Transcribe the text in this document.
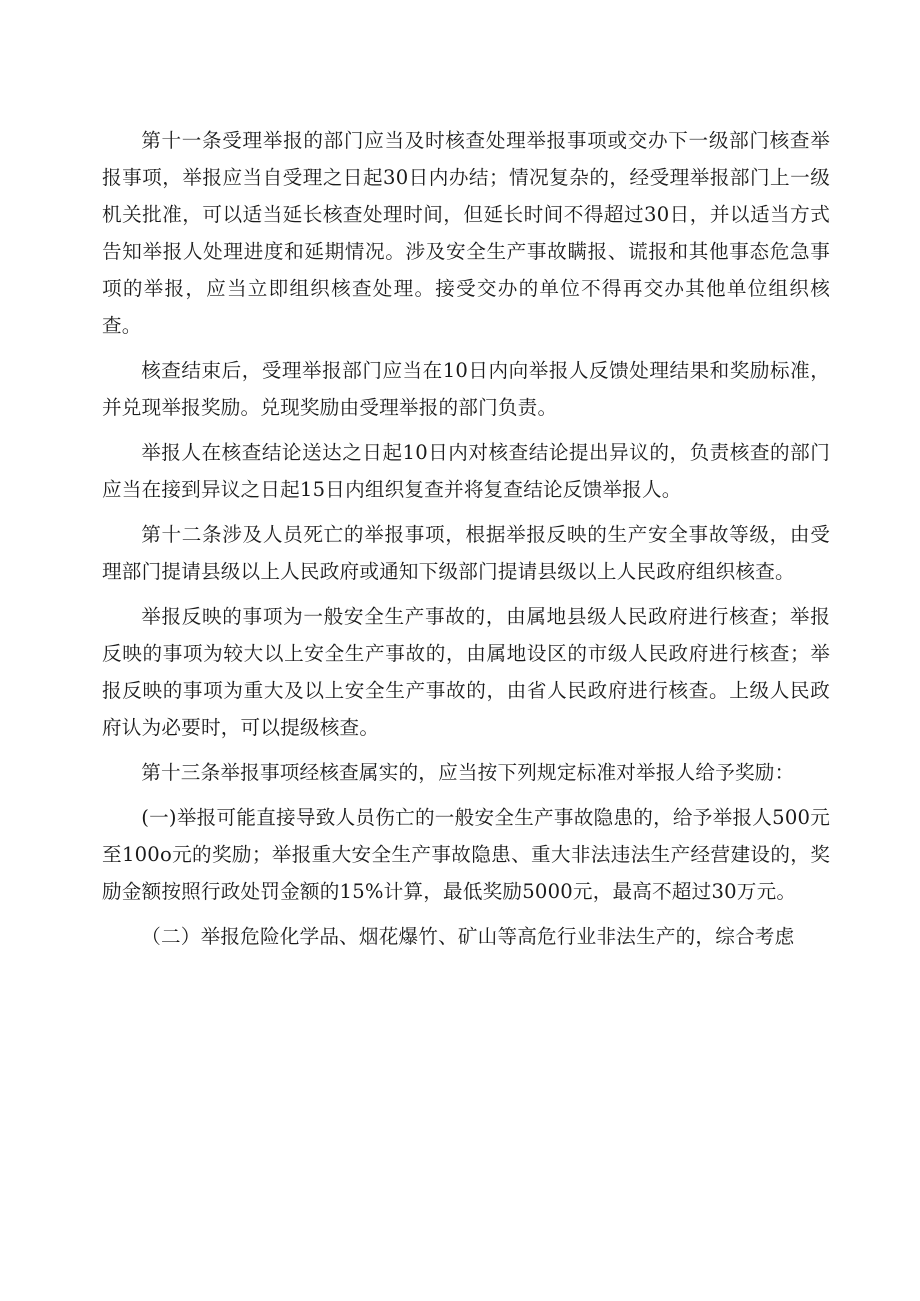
第十一条受理举报的部门应当及时核查处理举报事项或交办下一级部门核查举报事项，举报应当自受理之日起30日内办结；情况复杂的，经受理举报部门上一级机关批准，可以适当延长核查处理时间，但延长时间不得超过30日，并以适当方式告知举报人处理进度和延期情况。涉及安全生产事故瞒报、谎报和其他事态危急事项的举报，应当立即组织核查处理。接受交办的单位不得再交办其他单位组织核查。

核查结束后，受理举报部门应当在10日内向举报人反馈处理结果和奖励标准，并兑现举报奖励。兑现奖励由受理举报的部门负责。

举报人在核查结论送达之日起10日内对核查结论提出异议的，负责核查的部门应当在接到异议之日起15日内组织复查并将复查结论反馈举报人。

第十二条涉及人员死亡的举报事项，根据举报反映的生产安全事故等级，由受理部门提请县级以上人民政府或通知下级部门提请县级以上人民政府组织核查。

举报反映的事项为一般安全生产事故的，由属地县级人民政府进行核查；举报反映的事项为较大以上安全生产事故的，由属地设区的市级人民政府进行核查；举报反映的事项为重大及以上安全生产事故的，由省人民政府进行核查。上级人民政府认为必要时，可以提级核查。

第十三条举报事项经核查属实的，应当按下列规定标准对举报人给予奖励：

(一)举报可能直接导致人员伤亡的一般安全生产事故隐患的，给予举报人500元至100o元的奖励；举报重大安全生产事故隐患、重大非法违法生产经营建设的，奖励金额按照行政处罚金额的15%计算，最低奖励5000元，最高不超过30万元。

（二）举报危险化学品、烟花爆竹、矿山等高危行业非法生产的，综合考虑
